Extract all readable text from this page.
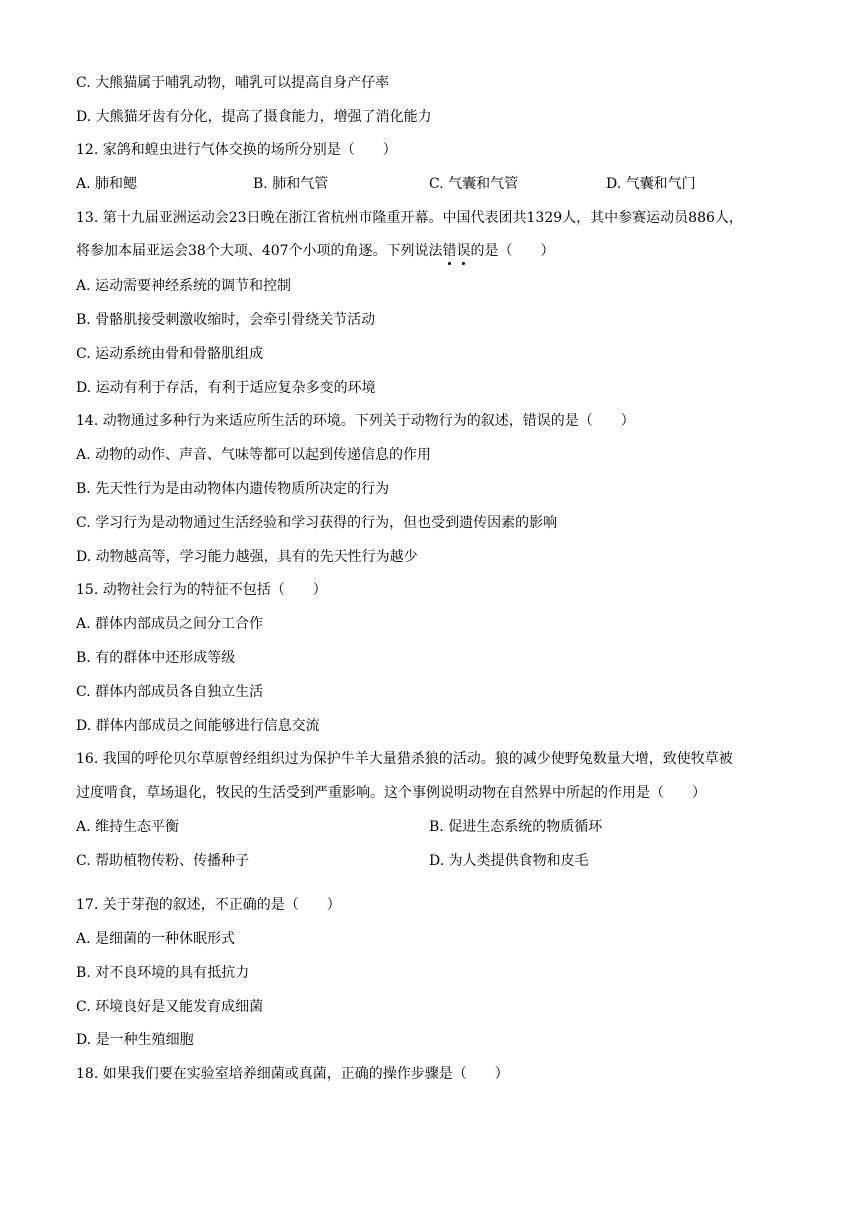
C. 大熊猫属于哺乳动物，哺乳可以提高自身产仔率
D. 大熊猫牙齿有分化，提高了摄食能力，增强了消化能力
12. 家鸽和蝗虫进行气体交换的场所分别是（　　）
A. 肺和鳃	B. 肺和气管	C. 气囊和气管	D. 气囊和气门
13. 第十九届亚洲运动会23日晚在浙江省杭州市隆重开幕。中国代表团共1329人，其中参赛运动员886人，
将参加本届亚运会38个大项、407个小项的角逐。下列说法错误的是（　　）
A. 运动需要神经系统的调节和控制
B. 骨骼肌接受刺激收缩时，会牵引骨绕关节活动
C. 运动系统由骨和骨骼肌组成
D. 运动有利于存活，有利于适应复杂多变的环境
14. 动物通过多种行为来适应所生活的环境。下列关于动物行为的叙述，错误的是（　　）
A. 动物的动作、声音、气味等都可以起到传递信息的作用
B. 先天性行为是由动物体内遗传物质所决定的行为
C. 学习行为是动物通过生活经验和学习获得的行为，但也受到遗传因素的影响
D. 动物越高等，学习能力越强，具有的先天性行为越少
15. 动物社会行为的特征不包括（　　）
A. 群体内部成员之间分工合作
B. 有的群体中还形成等级
C. 群体内部成员各自独立生活
D. 群体内部成员之间能够进行信息交流
16. 我国的呼伦贝尔草原曾经组织过为保护牛羊大量猎杀狼的活动。狼的减少使野兔数量大增，致使牧草被
过度啃食，草场退化，牧民的生活受到严重影响。这个事例说明动物在自然界中所起的作用是（　　）
A. 维持生态平衡	B. 促进生态系统的物质循环
C. 帮助植物传粉、传播种子	D. 为人类提供食物和皮毛
17. 关于芽孢的叙述，不正确的是（　　）
A. 是细菌的一种休眠形式
B. 对不良环境的具有抵抗力
C. 环境良好是又能发育成细菌
D. 是一种生殖细胞
18. 如果我们要在实验室培养细菌或真菌，正确的操作步骤是（　　）
